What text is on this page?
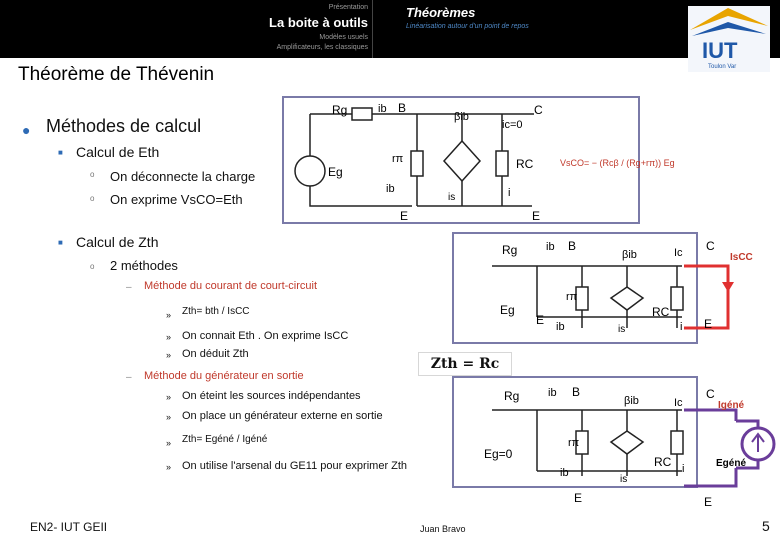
Présentation
La boite à outils
Modèles usuels
Amplificateurs, les classiques
Théorèmes
Linéarisation autour d'un point de repos
IUT
Toulon Var
Théorème de Thévenin
● Méthodes de calcul
■ Calcul de Eth
o On déconnecte la charge
o On exprime VsCO=Eth
■ Calcul de Zth
o 2 méthodes
– Méthode du courant de court-circuit
» Zth= bth / IsCC
» On connait Eth . On exprime IsCC
» On déduit Zth
Zth = Rc
– Méthode du générateur en sortie
» On éteint les sources indépendantes
» On place un générateur externe en sortie
» Zth= Egéné / Igéné
» On utilise l'arsenal du GE11 pour exprimer Zth
Rg	ib B
βib
ic=0
C
Eg
rπ	RC
ib
is	i
E	E
VsCO= − (Rcβ / (Rg+rπ)) Eg
Rg	ib B
βib	Ic C
IsCC
Eg
rπ
RC
E ib	is	i E
Rg	ib B
βib	Ic
C
Igéné
Eg=0
rπ
RC
ib
is
i	Egéné
E	E
EN2- IUT GEII	Juan Bravo	5
